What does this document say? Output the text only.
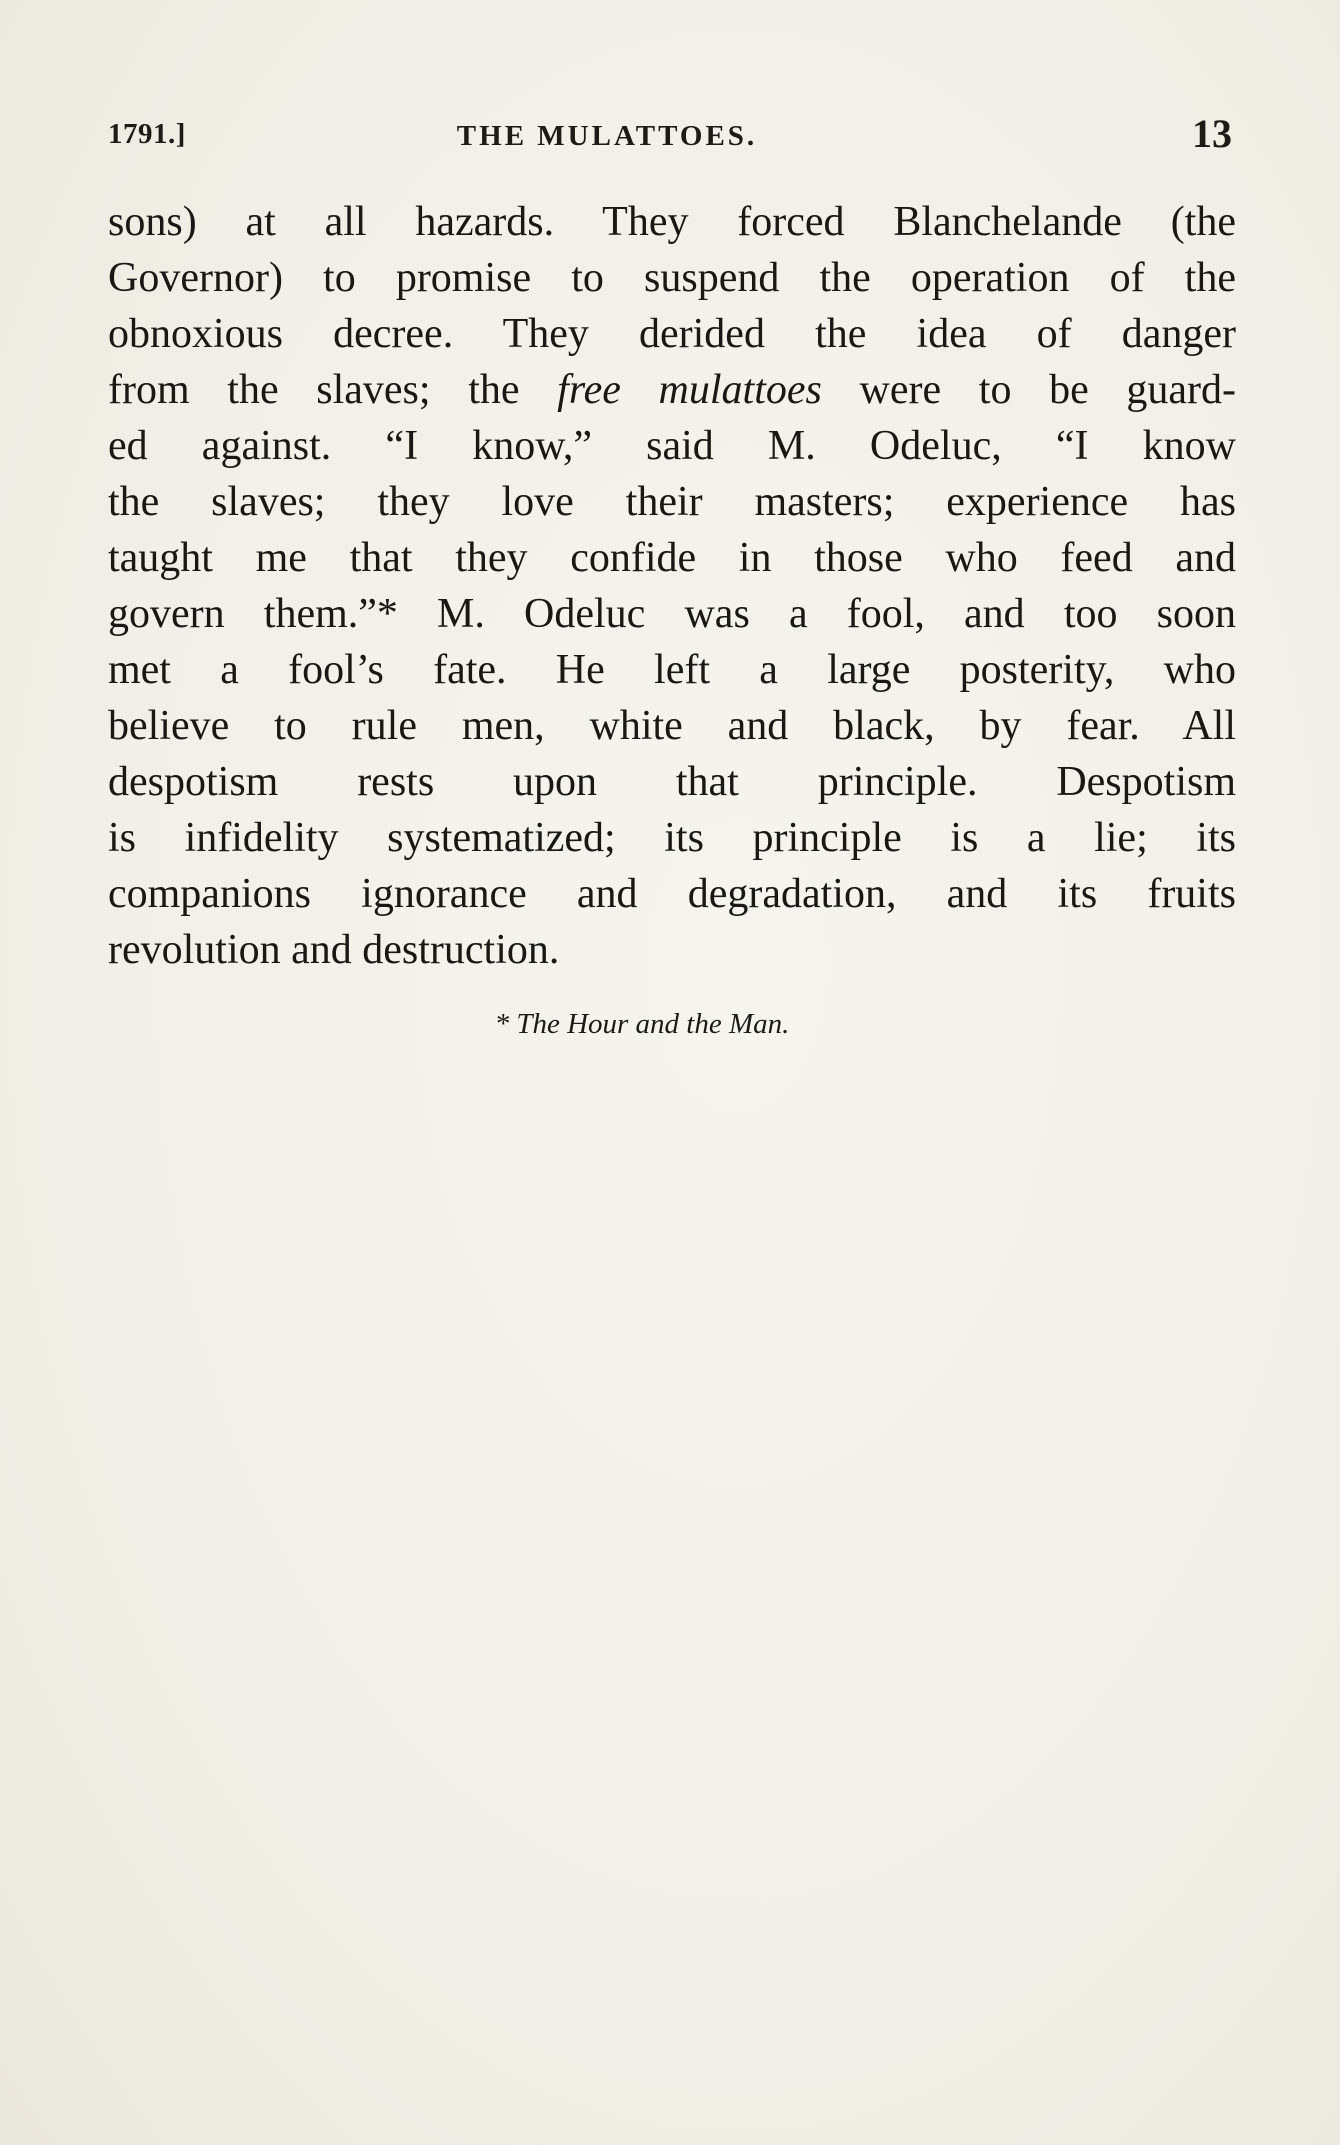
1791.]	THE MULATTOES.	13
sons) at all hazards. They forced Blanchelande (the
Governor) to promise to suspend the operation of the
obnoxious decree. They derided the idea of danger
from the slaves; the free mulattoes were to be guard-
ed against. “I know,” said M. Odeluc, “I know
the slaves; they love their masters; experience has
taught me that they confide in those who feed and
govern them.”* M. Odeluc was a fool, and too soon
met a fool’s fate. He left a large posterity, who
believe to rule men, white and black, by fear. All
despotism rests upon that principle. Despotism
is infidelity systematized; its principle is a lie; its
companions ignorance and degradation, and its fruits
revolution and destruction.
* The Hour and the Man.
